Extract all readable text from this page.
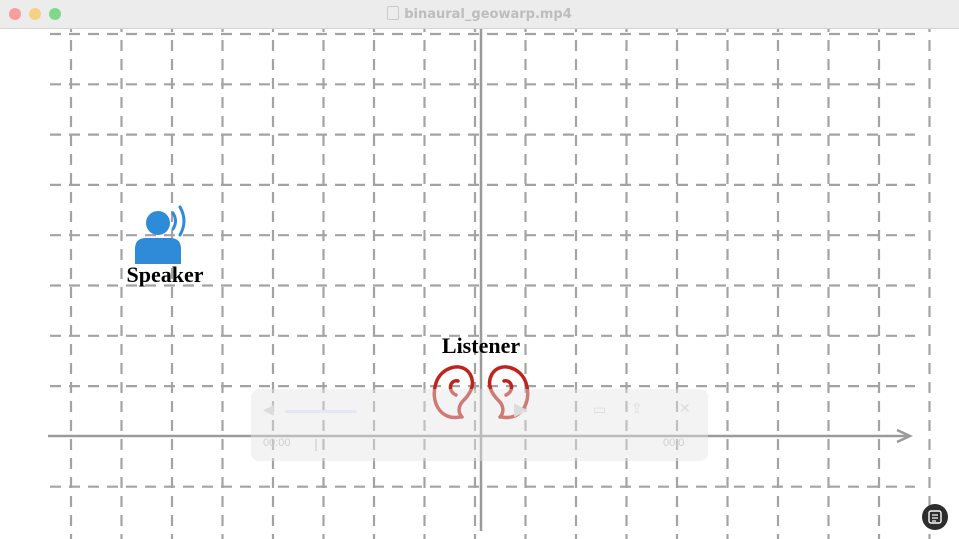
binaural_geowarp.mp4
Speaker
Listener
◀	▶	▭ ⇪	✕
00:00	00:0
